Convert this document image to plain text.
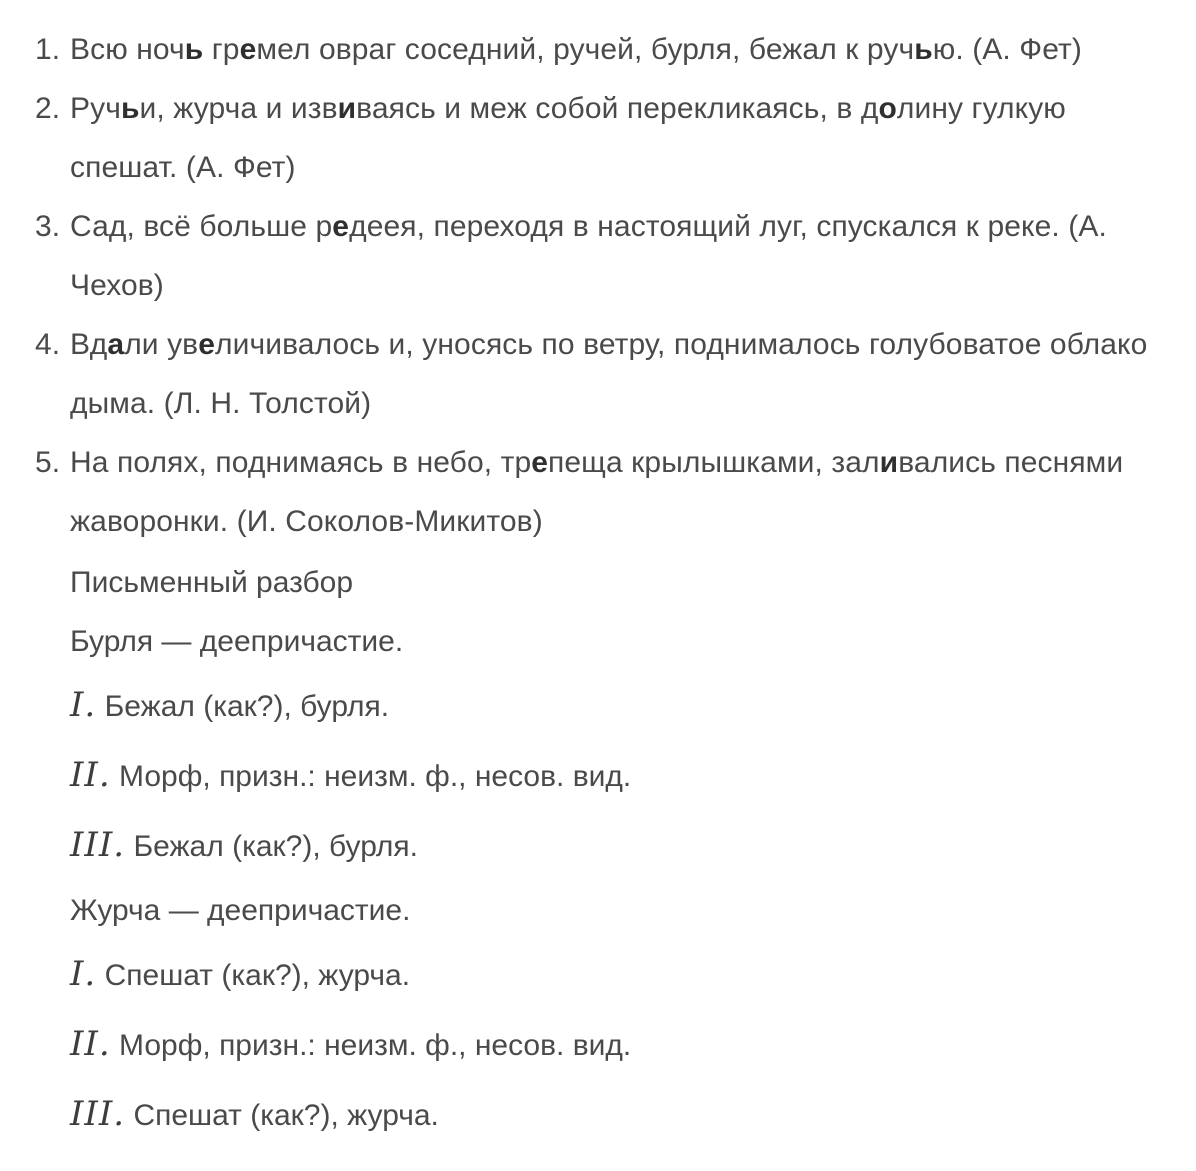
1. Всю ночь гремел овраг соседний, ручей, бурля, бежал к ручью. (А. Фет)
2. Ручьи, журча и извиваясь и меж собой перекликаясь, в долину гулкую спешат. (А. Фет)
3. Сад, всё больше редеея, переходя в настоящий луг, спускался к реке. (А. Чехов)
4. Вдали увеличивалось и, уносясь по ветру, поднималось голубоватое облако дыма. (Л. Н. Толстой)
5. На полях, поднимаясь в небо, трепеща крылышками, заливались песнями жаворонки. (И. Соколов-Микитов)
Письменный разбор
Бурля — деепричастие.
I. Бежал (как?), бурля.
II. Морф, призн.: неизм. ф., несов. вид.
III. Бежал (как?), бурля.
Журча — деепричастие.
I. Спешат (как?), журча.
II. Морф, призн.: неизм. ф., несов. вид.
III. Спешат (как?), журча.
